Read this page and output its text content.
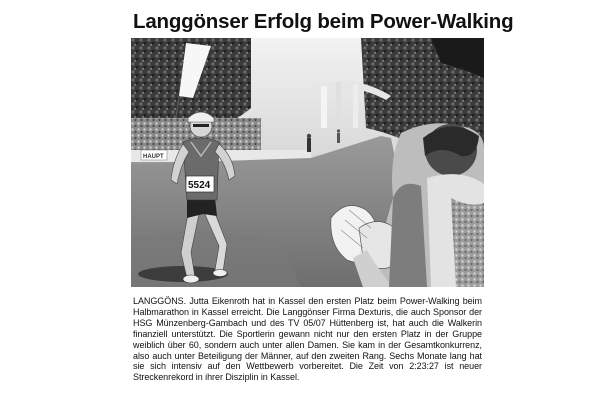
Langgönser Erfolg beim Power-Walking
HAUPT
5524

LANGGÖNS. Jutta Eikenroth hat in Kassel den ersten Platz beim Power-Walking beim Halbmarathon in Kassel erreicht. Die Langgönser Firma Dexturis, die auch Sponsor der HSG Münzenberg-Gambach und des TV 05/07 Hüttenberg ist, hat auch die Walkerin finanziell unterstützt. Die Sportlerin gewann nicht nur den ersten Platz in der Gruppe weiblich über 60, sondern auch unter allen Damen. Sie kam in der Gesamtkonkurrenz, also auch unter Beteiligung der Männer, auf den zweiten Rang. Sechs Monate lang hat sie sich intensiv auf den Wettbewerb vorbereitet. Die Zeit von 2:23:27 ist neuer Streckenrekord in ihrer Disziplin in Kassel.
